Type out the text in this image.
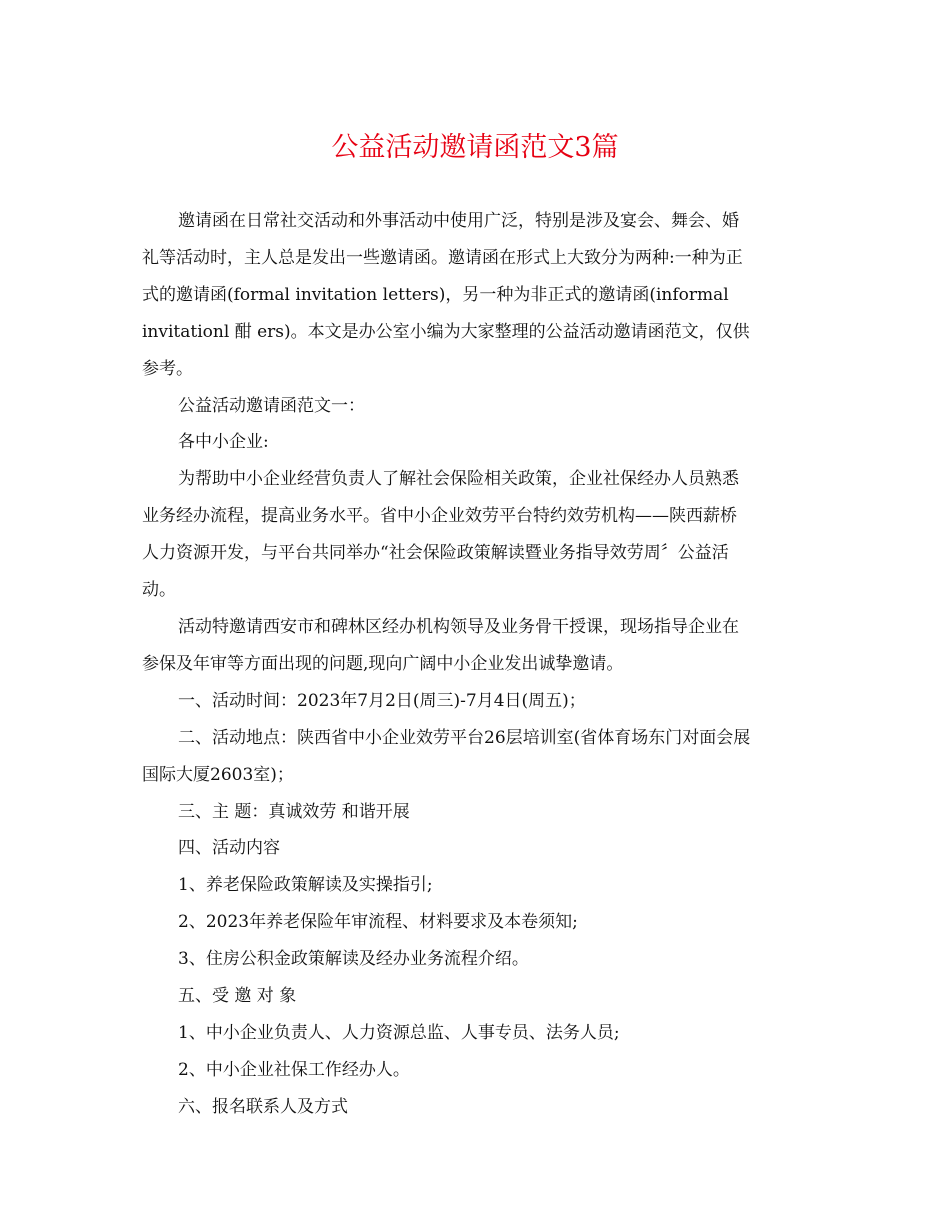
公益活动邀请函范文3篇

邀请函在日常社交活动和外事活动中使用广泛，特别是涉及宴会、舞会、婚

礼等活动时，主人总是发出一些邀请函。邀请函在形式上大致分为两种:一种为正

式的邀请函(formal invitation letters)，另一种为非正式的邀请函(informal

invitationl 酣 ers)。本文是办公室小编为大家整理的公益活动邀请函范文，仅供

参考。

公益活动邀请函范文一：

各中小企业:

为帮助中小企业经营负责人了解社会保险相关政策，企业社保经办人员熟悉

业务经办流程，提高业务水平。省中小企业效劳平台特约效劳机构——陕西薪桥

人力资源开发，与平台共同举办“社会保险政策解读暨业务指导效劳周〞公益活

动。

活动特邀请西安市和碑林区经办机构领导及业务骨干授课，现场指导企业在

参保及年审等方面出现的问题,现向广阔中小企业发出诚挚邀请。

一、活动时间：2023年7月2日(周三)-7月4日(周五)；

二、活动地点：陕西省中小企业效劳平台26层培训室(省体育场东门对面会展

国际大厦2603室)；

三、主 题：真诚效劳 和谐开展

四、活动内容

1、养老保险政策解读及实操指引;

2、2023年养老保险年审流程、材料要求及本卷须知;

3、住房公积金政策解读及经办业务流程介绍。

五、受 邀 对 象

1、中小企业负责人、人力资源总监、人事专员、法务人员;

2、中小企业社保工作经办人。

六、报名联系人及方式
